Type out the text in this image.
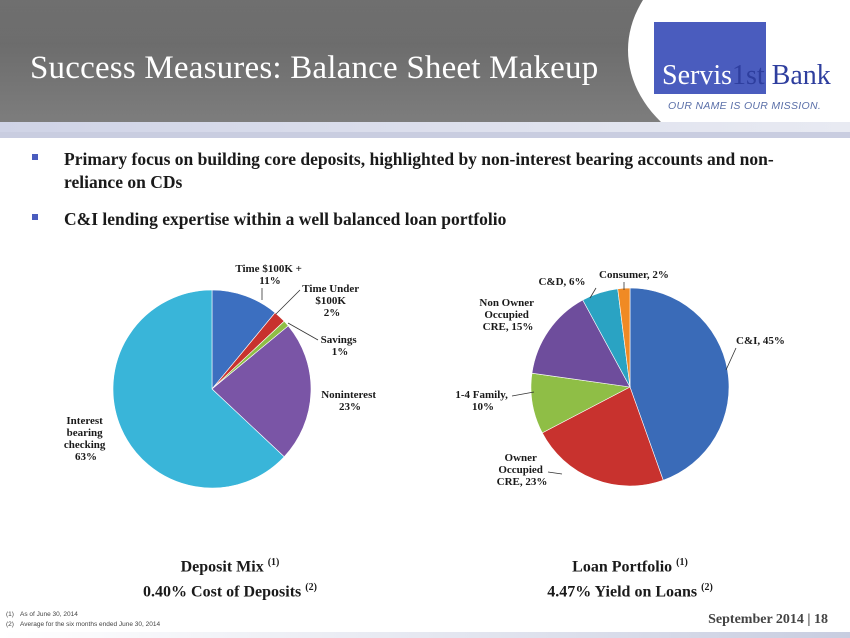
Success Measures: Balance Sheet Makeup Servis1st Bank
OUR NAME IS OUR MISSION.
Primary focus on building core deposits, highlighted by non-interest bearing accounts and non-reliance on CDs
C&I lending expertise within a well balanced loan portfolio
Time $100K + 11%
Time Under $100K 2%
Savings 1%
Noninterest 23%
Interest bearing checking 63%
C&I, 45%
Owner Occupied CRE, 23%
1-4 Family, 10%
Non Owner Occupied CRE, 15%
C&D, 6%
Consumer, 2%
Deposit Mix $^{(1)}$
0.40% Cost of Deposits $^{(2)}$
Loan Portfolio $^{(1)}$
4.47% Yield on Loans $^{(2)}$
(1) As of June 30, 2014
(2) Average for the six months ended June 30, 2014	September 2014 | 18
